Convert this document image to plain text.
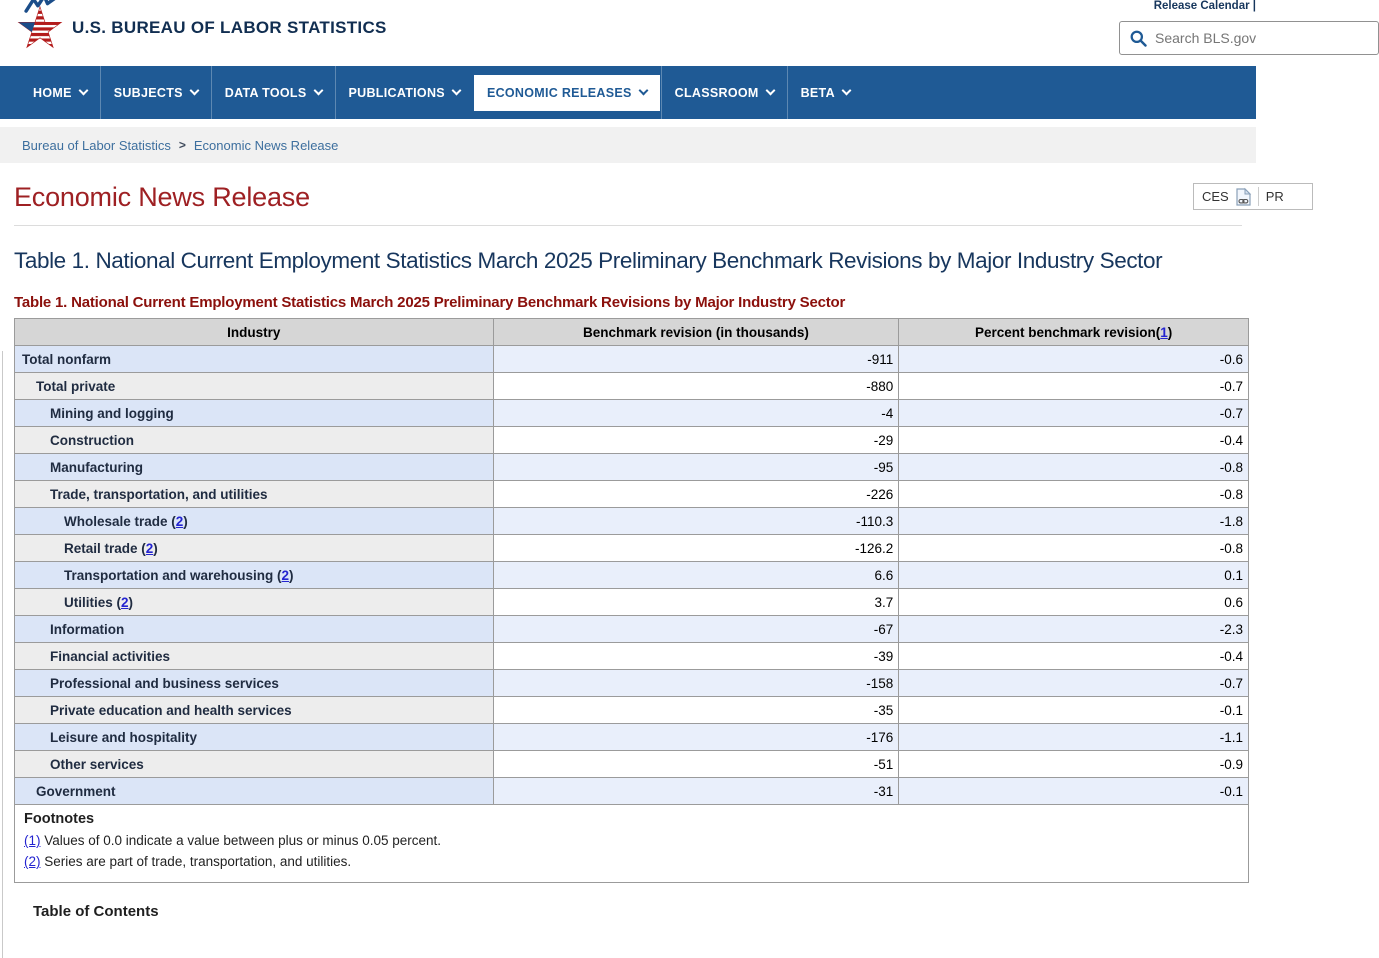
U.S. BUREAU OF LABOR STATISTICS
Release Calendar |
Search BLS.gov
HOME	SUBJECTS	DATA TOOLS	PUBLICATIONS	ECONOMIC RELEASES	CLASSROOM	BETA
Bureau of Labor Statistics > Economic News Release
CES	PR
Economic News Release
Table 1. National Current Employment Statistics March 2025 Preliminary Benchmark Revisions by Major Industry Sector
Table 1. National Current Employment Statistics March 2025 Preliminary Benchmark Revisions by Major Industry Sector
Industry	Benchmark revision (in thousands)	Percent benchmark revision(1)
Total nonfarm	-911	-0.6
Total private	-880	-0.7
Mining and logging	-4	-0.7
Construction	-29	-0.4
Manufacturing	-95	-0.8
Trade, transportation, and utilities	-226	-0.8
Wholesale trade (2)	-110.3	-1.8
Retail trade (2)	-126.2	-0.8
Transportation and warehousing (2)	6.6	0.1
Utilities (2)	3.7	0.6
Information	-67	-2.3
Financial activities	-39	-0.4
Professional and business services	-158	-0.7
Private education and health services	-35	-0.1
Leisure and hospitality	-176	-1.1
Other services	-51	-0.9
Government	-31	-0.1
Footnotes
(1) Values of 0.0 indicate a value between plus or minus 0.05 percent.
(2) Series are part of trade, transportation, and utilities.
Table of Contents
